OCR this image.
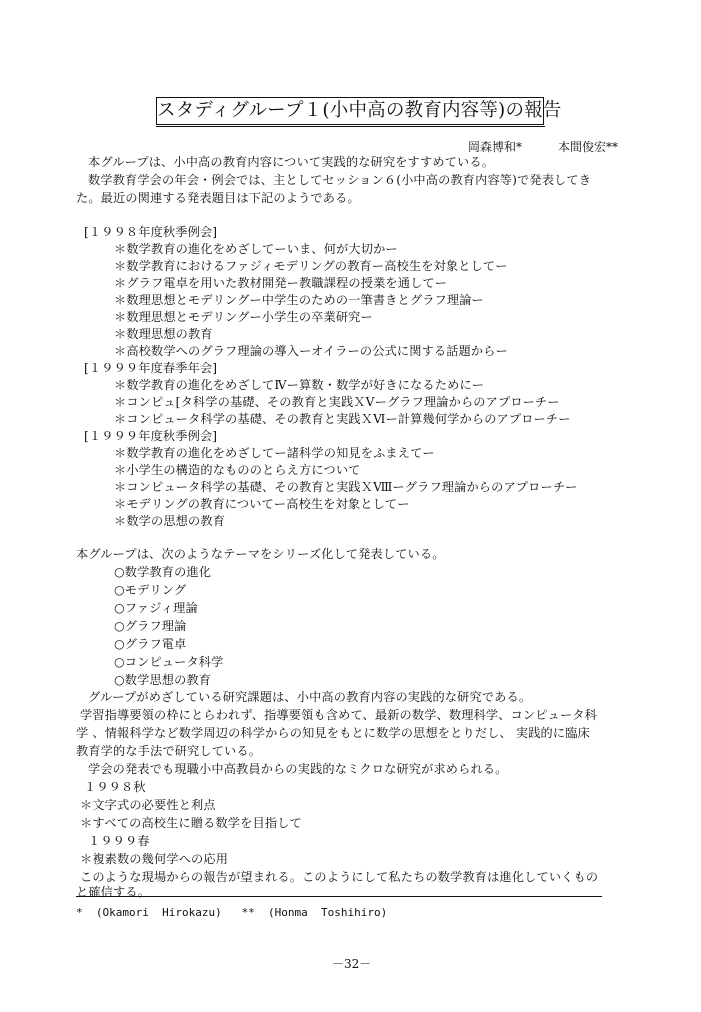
スタディグループ１(小中高の教育内容等)の報告
岡森博和*	本間俊宏**
本グループは、小中高の教育内容について実践的な研究をすすめている。
数学教育学会の年会・例会では、主としてセッション６(小中高の教育内容等)で発表してき
た。最近の関連する発表題目は下記のようである。
[１９９８年度秋季例会]
＊数学教育の進化をめざしてーいま、何が大切かー
＊数学教育におけるファジィモデリングの教育ー高校生を対象としてー
＊グラフ電卓を用いた教材開発ー教職課程の授業を通してー
＊数理思想とモデリングー中学生のための一筆書きとグラフ理論ー
＊数理思想とモデリングー小学生の卒業研究ー
＊数理思想の教育
＊高校数学へのグラフ理論の導入ーオイラーの公式に関する話題からー
[１９９９年度春季年会]
＊数学教育の進化をめざしてⅣー算数・数学が好きになるためにー
＊コンピュ[タ科学の基礎、その教育と実践ＸⅤーグラフ理論からのアプローチー
＊コンピュータ科学の基礎、その教育と実践ＸⅥー計算幾何学からのアプローチー
[１９９９年度秋季例会]
＊数学教育の進化をめざしてー諸科学の知見をふまえてー
＊小学生の構造的なもののとらえ方について
＊コンピュータ科学の基礎、その教育と実践ＸⅧーグラフ理論からのアプローチー
＊モデリングの教育についてー高校生を対象としてー
＊数学の思想の教育
本グループは、次のようなテーマをシリーズ化して発表している。
○数学教育の進化
○モデリング
○ファジィ理論
○グラフ理論
○グラフ電卓
○コンピュータ科学
○数学思想の教育
グループがめざしている研究課題は、小中高の教育内容の実践的な研究である。
学習指導要領の枠にとらわれず、指導要領も含めて、最新の数学、数理科学、コンピュータ科
学 、情報科学など数学周辺の科学からの知見をもとに数学の思想をとりだし、 実践的に臨床
教育学的な手法で研究している。
学会の発表でも現職小中高教員からの実践的なミクロな研究が求められる。
１９９８秋
＊文字式の必要性と利点
＊すべての高校生に贈る数学を目指して
１９９９春
＊複素数の幾何学への応用
このような現場からの報告が望まれる。このようにして私たちの数学教育は進化していくもの
と確信する。
*  (Okamori  Hirokazu)   **  (Honma  Toshihiro)
－32－
